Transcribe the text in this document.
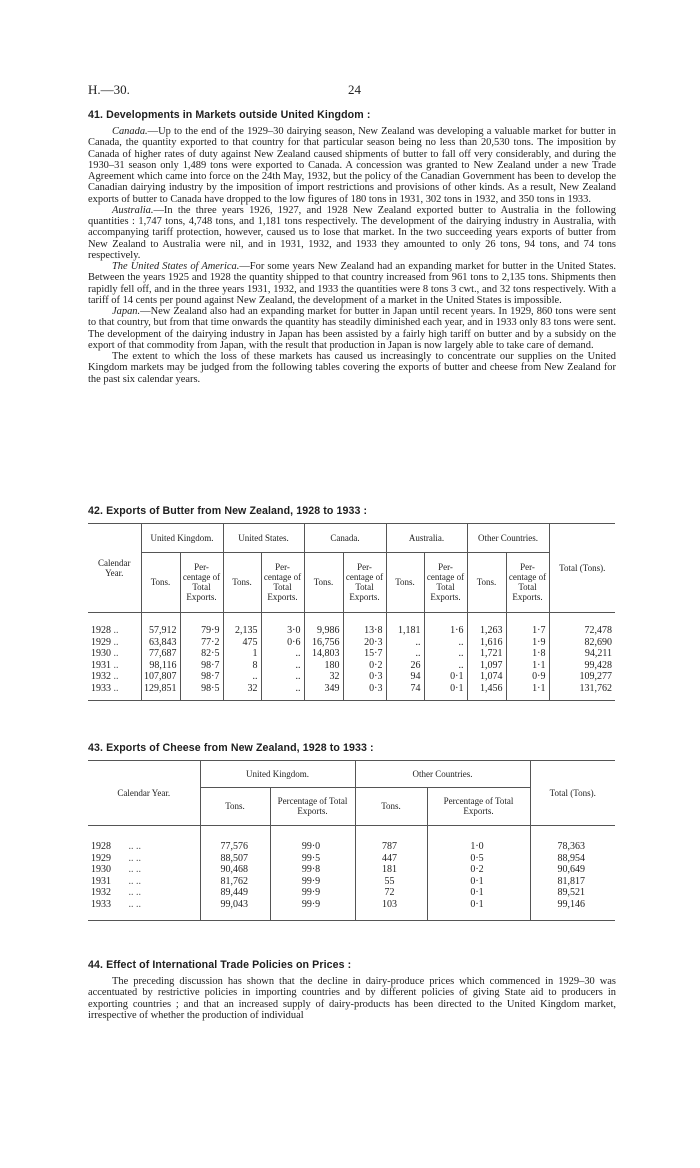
H.—30.	24
41. Developments in Markets outside United Kingdom :

Canada.—Up to the end of the 1929–30 dairying season, New Zealand was developing a valuable market for butter in Canada, the quantity exported to that country for that particular season being no less than 20,530 tons. The imposition by Canada of higher rates of duty against New Zealand caused shipments of butter to fall off very considerably, and during the 1930–31 season only 1,489 tons were exported to Canada. A concession was granted to New Zealand under a new Trade Agreement which came into force on the 24th May, 1932, but the policy of the Canadian Government has been to develop the Canadian dairying industry by the imposition of import restrictions and provisions of other kinds. As a result, New Zealand exports of butter to Canada have dropped to the low figures of 180 tons in 1931, 302 tons in 1932, and 350 tons in 1933.

Australia.—In the three years 1926, 1927, and 1928 New Zealand exported butter to Australia in the following quantities : 1,747 tons, 4,748 tons, and 1,181 tons respectively. The development of the dairying industry in Australia, with accompanying tariff protection, however, caused us to lose that market. In the two succeeding years exports of butter from New Zealand to Australia were nil, and in 1931, 1932, and 1933 they amounted to only 26 tons, 94 tons, and 74 tons respectively.

The United States of America.—For some years New Zealand had an expanding market for butter in the United States. Between the years 1925 and 1928 the quantity shipped to that country increased from 961 tons to 2,135 tons. Shipments then rapidly fell off, and in the three years 1931, 1932, and 1933 the quantities were 8 tons 3 cwt., and 32 tons respectively. With a tariff of 14 cents per pound against New Zealand, the development of a market in the United States is impossible.

Japan.—New Zealand also had an expanding market for butter in Japan until recent years. In 1929, 860 tons were sent to that country, but from that time onwards the quantity has steadily diminished each year, and in 1933 only 83 tons were sent. The development of the dairying industry in Japan has been assisted by a fairly high tariff on butter and by a subsidy on the export of that commodity from Japan, with the result that production in Japan is now largely able to take care of demand.

The extent to which the loss of these markets has caused us increasingly to concentrate our supplies on the United Kingdom markets may be judged from the following tables covering the exports of butter and cheese from New Zealand for the past six calendar years.

42. Exports of Butter from New Zealand, 1928 to 1933 :
Calendar Year.	United Kingdom.		United States.		Canada.		Australia.		Other Countries.		Total (Tons).
	Tons.	Per-centage of Total Exports.	Tons.	Per-centage of Total Exports.	Tons.	Per-centage of Total Exports.	Tons.	Per-centage of Total Exports.	Tons.	Per-centage of Total Exports.	

1928 ..	57,912	79·9	2,135	3·0	9,986	13·8	1,181	1·6	1,263	1·7	72,478
1929 ..	63,843	77·2	475	0·6	16,756	20·3	..	..	1,616	1·9	82,690
1930 ..	77,687	82·5	1	..	14,803	15·7	..	..	1,721	1·8	94,211
1931 ..	98,116	98·7	8	..	180	0·2	26	..	1,097	1·1	99,428
1932 ..	107,807	98·7	..	..	32	0·3	94	0·1	1,074	0·9	109,277
1933 ..	129,851	98·5	32	..	349	0·3	74	0·1	1,456	1·1	131,762

43. Exports of Cheese from New Zealand, 1928 to 1933 :
Calendar Year.	United Kingdom.		Other Countries.		Total (Tons).
	Tons.	Percentage of Total Exports.	Tons.	Percentage of Total Exports.	

1928 .. ..	77,576	99·0	787	1·0	78,363
1929 .. ..	88,507	99·5	447	0·5	88,954
1930 .. ..	90,468	99·8	181	0·2	90,649
1931 .. ..	81,762	99·9	55	0·1	81,817
1932 .. ..	89,449	99·9	72	0·1	89,521
1933 .. ..	99,043	99·9	103	0·1	99,146

44. Effect of International Trade Policies on Prices :

The preceding discussion has shown that the decline in dairy-produce prices which commenced in 1929–30 was accentuated by restrictive policies in importing countries and by different policies of giving State aid to producers in exporting countries ; and that an increased supply of dairy-products has been directed to the United Kingdom market, irrespective of whether the production of individual
